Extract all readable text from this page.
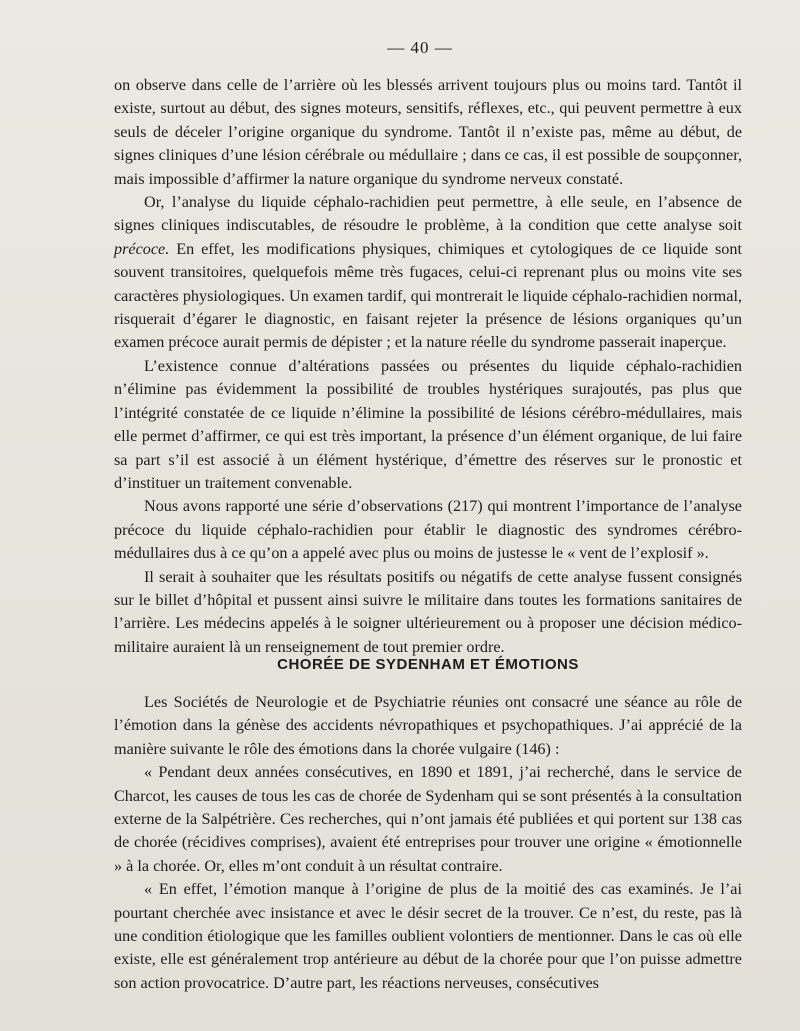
— 40 —

on observe dans celle de l’arrière où les blessés arrivent toujours plus ou moins tard. Tantôt il existe, surtout au début, des signes moteurs, sensitifs, réflexes, etc., qui peuvent permettre à eux seuls de déceler l’origine organique du syndrome. Tantôt il n’existe pas, même au début, de signes cliniques d’une lésion cérébrale ou médullaire ; dans ce cas, il est possible de soupçonner, mais impossible d’affirmer la nature organique du syndrome nerveux constaté.

Or, l’analyse du liquide céphalo-rachidien peut permettre, à elle seule, en l’absence de signes cliniques indiscutables, de résoudre le problème, à la condition que cette analyse soit précoce. En effet, les modifications physiques, chimiques et cytologiques de ce liquide sont souvent transitoires, quelquefois même très fugaces, celui-ci reprenant plus ou moins vite ses caractères physiologiques. Un examen tardif, qui montrerait le liquide céphalo-rachidien normal, risquerait d’égarer le diagnostic, en faisant rejeter la présence de lésions organiques qu’un examen précoce aurait permis de dépister ; et la nature réelle du syndrome passerait inaperçue.

L’existence connue d’altérations passées ou présentes du liquide céphalo-rachidien n’élimine pas évidemment la possibilité de troubles hystériques surajoutés, pas plus que l’intégrité constatée de ce liquide n’élimine la possibilité de lésions cérébro-médullaires, mais elle permet d’affirmer, ce qui est très important, la présence d’un élément organique, de lui faire sa part s’il est associé à un élément hystérique, d’émettre des réserves sur le pronostic et d’instituer un traitement convenable.

Nous avons rapporté une série d’observations (217) qui montrent l’importance de l’analyse précoce du liquide céphalo-rachidien pour établir le diagnostic des syndromes cérébro-médullaires dus à ce qu’on a appelé avec plus ou moins de justesse le « vent de l’explosif ».

Il serait à souhaiter que les résultats positifs ou négatifs de cette analyse fussent consignés sur le billet d’hôpital et pussent ainsi suivre le militaire dans toutes les formations sanitaires de l’arrière. Les médecins appelés à le soigner ultérieurement ou à proposer une décision médico-militaire auraient là un renseignement de tout premier ordre.

CHORÉE DE SYDENHAM ET ÉMOTIONS

Les Sociétés de Neurologie et de Psychiatrie réunies ont consacré une séance au rôle de l’émotion dans la génèse des accidents névropathiques et psychopathiques. J’ai apprécié de la manière suivante le rôle des émotions dans la chorée vulgaire (146) :

« Pendant deux années consécutives, en 1890 et 1891, j’ai recherché, dans le service de Charcot, les causes de tous les cas de chorée de Sydenham qui se sont présentés à la consultation externe de la Salpétrière. Ces recherches, qui n’ont jamais été publiées et qui portent sur 138 cas de chorée (récidives comprises), avaient été entreprises pour trouver une origine « émotionnelle » à la chorée. Or, elles m’ont conduit à un résultat contraire.

« En effet, l’émotion manque à l’origine de plus de la moitié des cas examinés. Je l’ai pourtant cherchée avec insistance et avec le désir secret de la trouver. Ce n’est, du reste, pas là une condition étiologique que les familles oublient volontiers de mentionner. Dans le cas où elle existe, elle est généralement trop antérieure au début de la chorée pour que l’on puisse admettre son action provocatrice. D’autre part, les réactions nerveuses, consécutives
